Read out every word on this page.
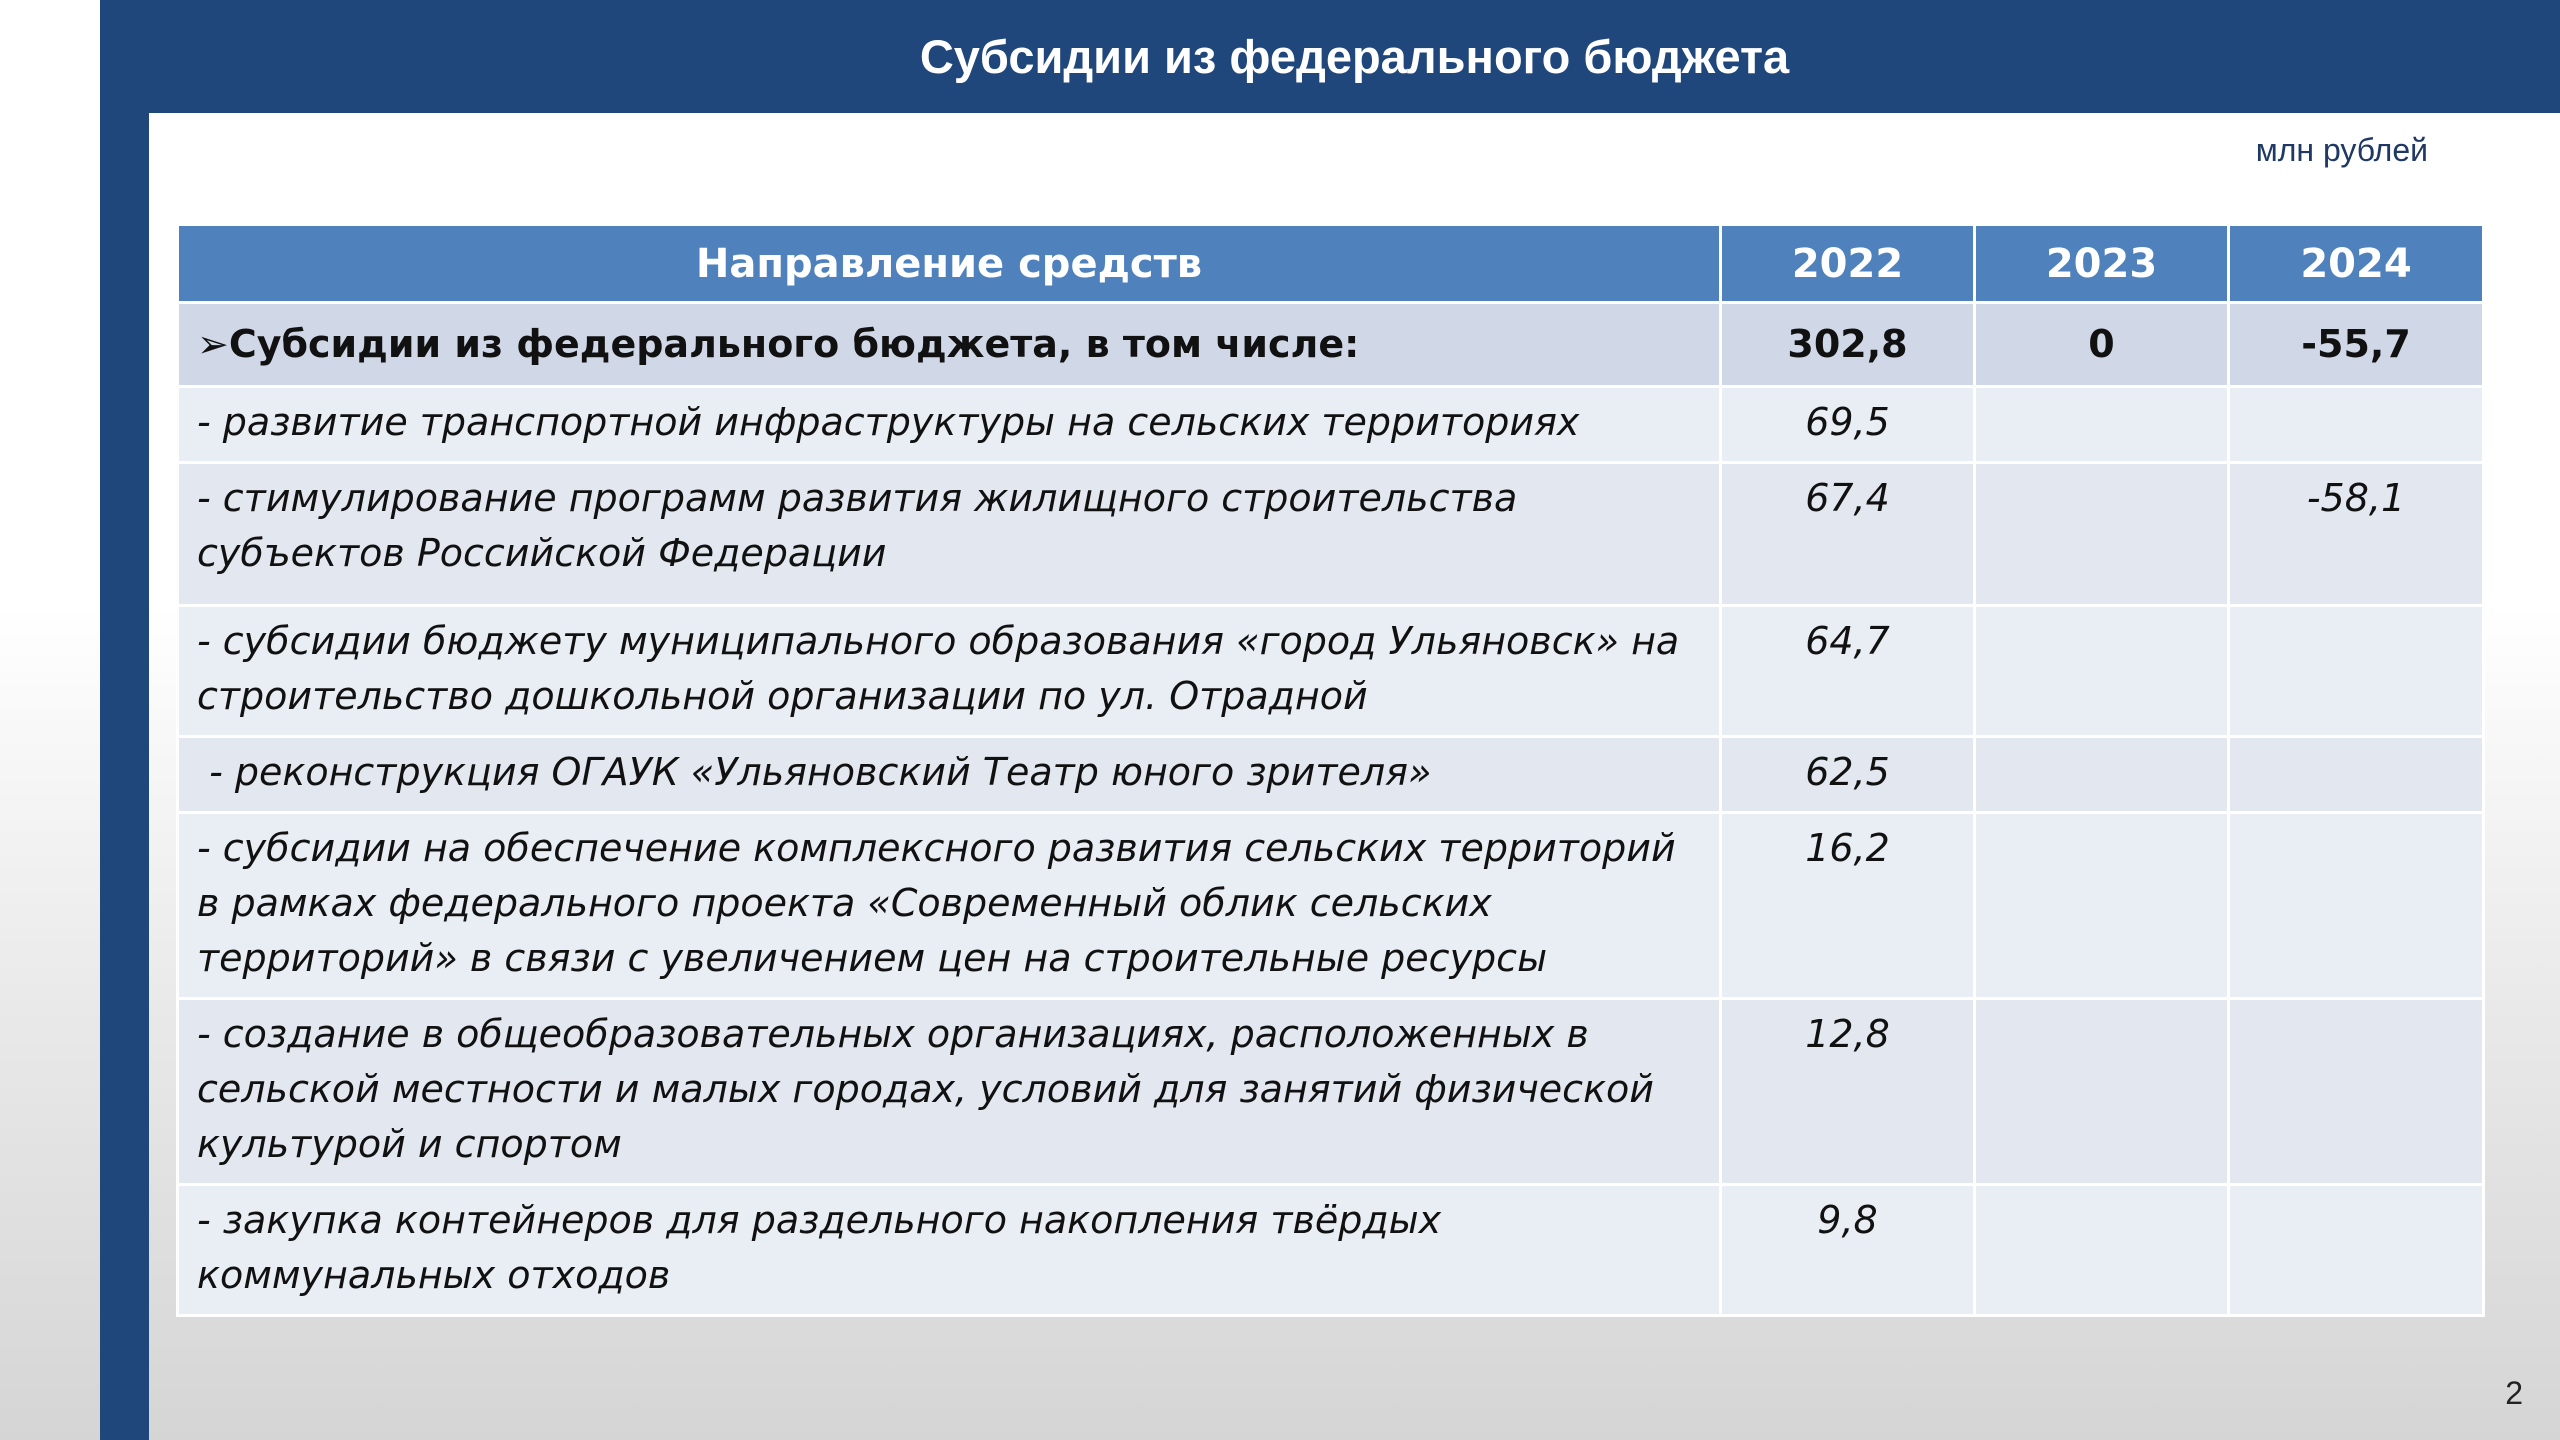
Субсидии из федерального бюджета
млн рублей
Направление средств	2022	2023	2024
➢Субсидии из федерального бюджета, в том числе:	302,8	0	-55,7
- развитие транспортной инфраструктуры на сельских территориях	69,5		
- стимулирование программ развития жилищного строительства субъектов Российской Федерации	67,4		-58,1
- субсидии бюджету муниципального образования «город Ульяновск» на строительство дошкольной организации по ул. Отрадной	64,7		
- реконструкция ОГАУК «Ульяновский Театр юного зрителя»	62,5		
- субсидии на обеспечение комплексного развития сельских территорий в рамках федерального проекта «Современный облик сельских территорий» в связи с увеличением цен на строительные ресурсы	16,2		
- создание в общеобразовательных организациях, расположенных в сельской местности и малых городах, условий для занятий физической культурой и спортом	12,8		
- закупка контейнеров для раздельного накопления твёрдых коммунальных отходов	9,8		
2
